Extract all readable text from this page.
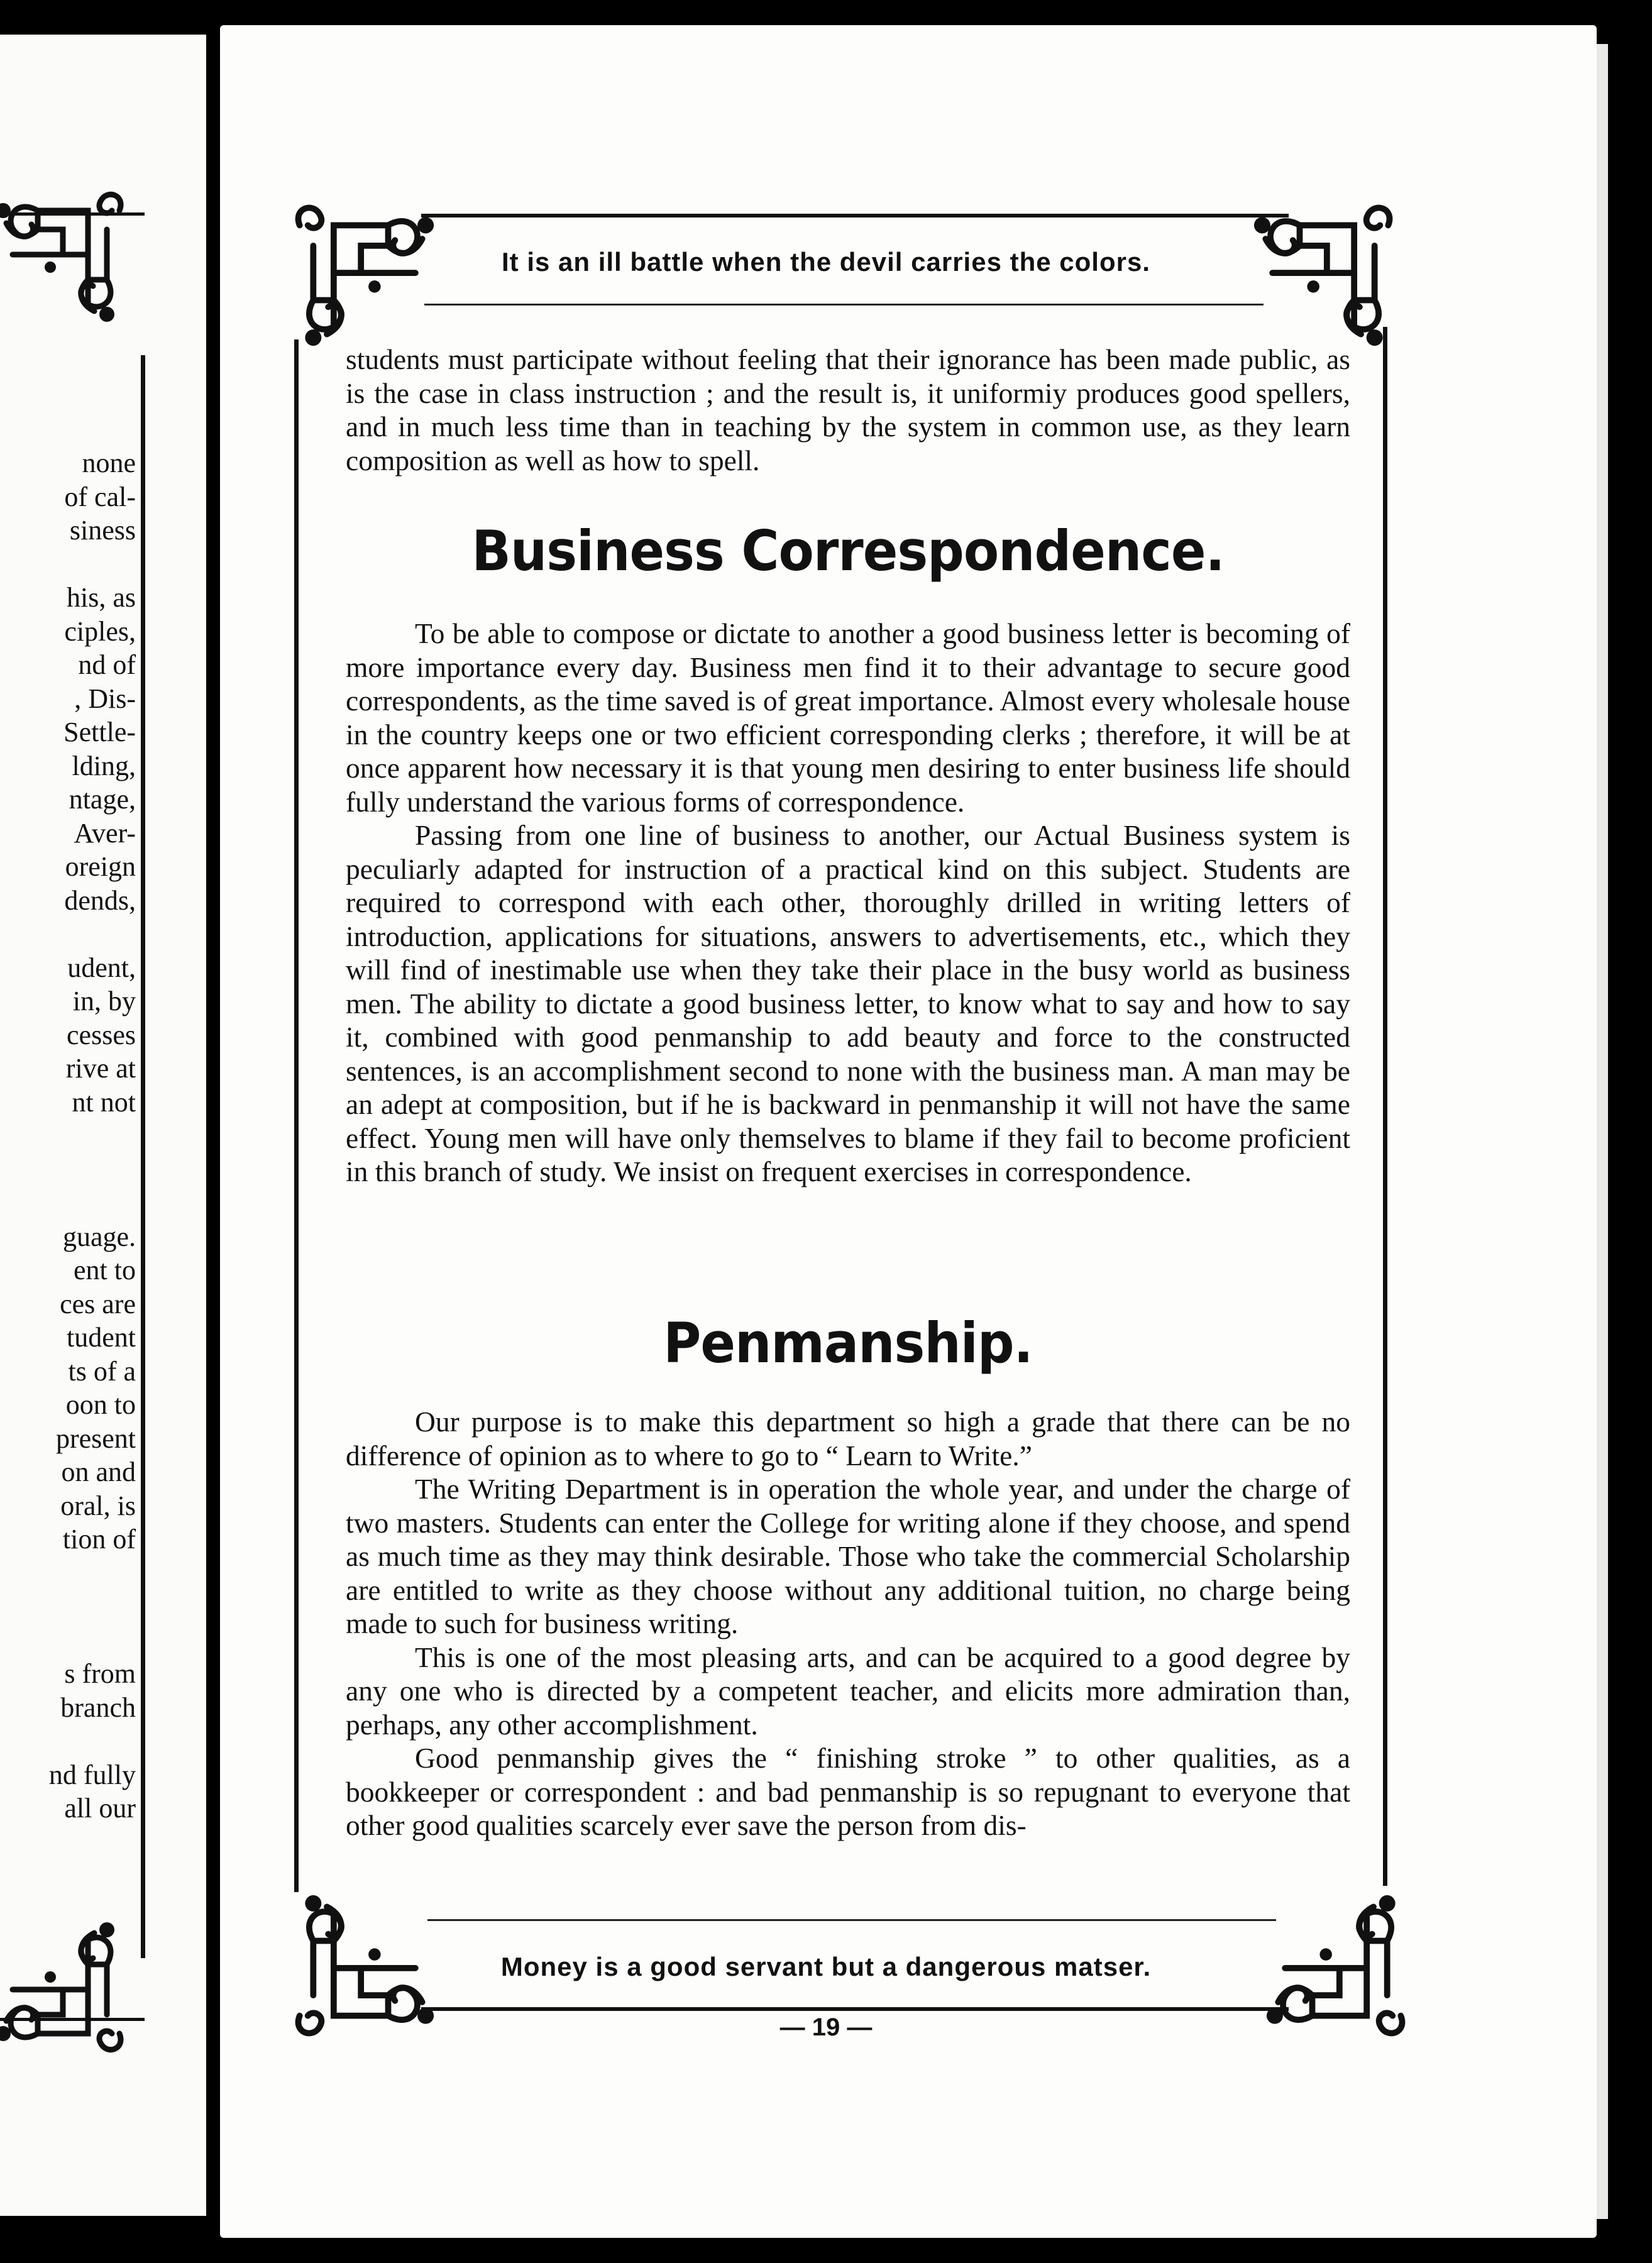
none
of cal-
siness
his, as
ciples,
nd of
, Dis-
Settle-
lding,
ntage,
Aver-
oreign
dends,
udent,
in, by
cesses
rive at
nt not
guage.
ent to
ces are
tudent
ts of a
oon to
present
on and
oral, is
tion of
s from
branch
nd fully
all our
It is an ill battle when the devil carries the colors.

students must participate without feeling that their ignorance has been made public, as is the case in class instruction ; and the result is, it uniformiy produces good spellers, and in much less time than in teaching by the system in common use, as they learn composition as well as how to spell.

Business Correspondence.

To be able to compose or dictate to another a good business letter is becoming of more importance every day. Business men find it to their advantage to secure good correspondents, as the time saved is of great importance. Almost every wholesale house in the country keeps one or two efficient corresponding clerks ; therefore, it will be at once apparent how necessary it is that young men desiring to enter business life should fully understand the various forms of correspondence.

Passing from one line of business to another, our Actual Business system is peculiarly adapted for instruction of a practical kind on this subject. Students are required to correspond with each other, thoroughly drilled in writing letters of introduction, applications for situations, answers to advertisements, etc., which they will find of inestimable use when they take their place in the busy world as business men. The ability to dictate a good business letter, to know what to say and how to say it, combined with good penmanship to add beauty and force to the constructed sentences, is an accomplishment second to none with the business man. A man may be an adept at composition, but if he is backward in penmanship it will not have the same effect. Young men will have only themselves to blame if they fail to become proficient in this branch of study. We insist on frequent exercises in correspondence.

Penmanship.

Our purpose is to make this department so high a grade that there can be no difference of opinion as to where to go to “ Learn to Write.”

The Writing Department is in operation the whole year, and under the charge of two masters. Students can enter the College for writing alone if they choose, and spend as much time as they may think desirable. Those who take the commercial Scholarship are entitled to write as they choose without any additional tuition, no charge being made to such for business writing.

This is one of the most pleasing arts, and can be acquired to a good degree by any one who is directed by a competent teacher, and elicits more admiration than, perhaps, any other accomplishment.

Good penmanship gives the “ finishing stroke ” to other qualities, as a bookkeeper or correspondent : and bad penmanship is so repugnant to everyone that other good qualities scarcely ever save the person from dis-

Money is a good servant but a dangerous matser.
— 19 —
